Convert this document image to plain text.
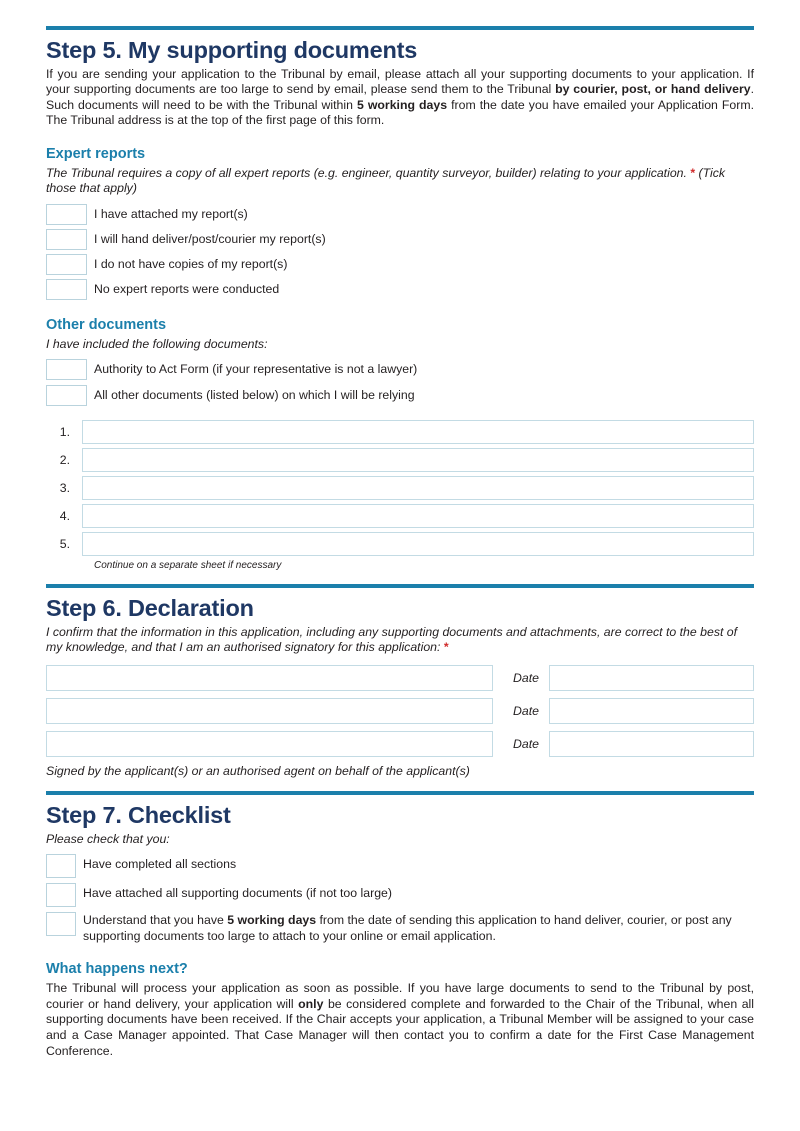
Step 5. My supporting documents

If you are sending your application to the Tribunal by email, please attach all your supporting documents to your application. If your supporting documents are too large to send by email, please send them to the Tribunal by courier, post, or hand delivery. Such documents will need to be with the Tribunal within 5 working days from the date you have emailed your Application Form. The Tribunal address is at the top of the first page of this form.

Expert reports

The Tribunal requires a copy of all expert reports (e.g. engineer, quantity surveyor, builder) relating to your application. * (Tick those that apply)

I have attached my report(s)
I will hand deliver/post/courier my report(s)
I do not have copies of my report(s)
No expert reports were conducted
Other documents

I have included the following documents:

Authority to Act Form (if your representative is not a lawyer)
All other documents (listed below) on which I will be relying
1.
2.
3.
4.
5.
Continue on a separate sheet if necessary
Step 6. Declaration

I confirm that the information in this application, including any supporting documents and attachments, are correct to the best of my knowledge, and that I am an authorised signatory for this application: *

Date
Date
Date
Signed by the applicant(s) or an authorised agent on behalf of the applicant(s)
Step 7. Checklist

Please check that you:

Have completed all sections
Have attached all supporting documents (if not too large)
Understand that you have 5 working days from the date of sending this application to hand deliver, courier, or post any supporting documents too large to attach to your online or email application.
What happens next?

The Tribunal will process your application as soon as possible. If you have large documents to send to the Tribunal by post, courier or hand delivery, your application will only be considered complete and forwarded to the Chair of the Tribunal, when all supporting documents have been received. If the Chair accepts your application, a Tribunal Member will be assigned to your case and a Case Manager appointed. That Case Manager will then contact you to confirm a date for the First Case Management Conference.
